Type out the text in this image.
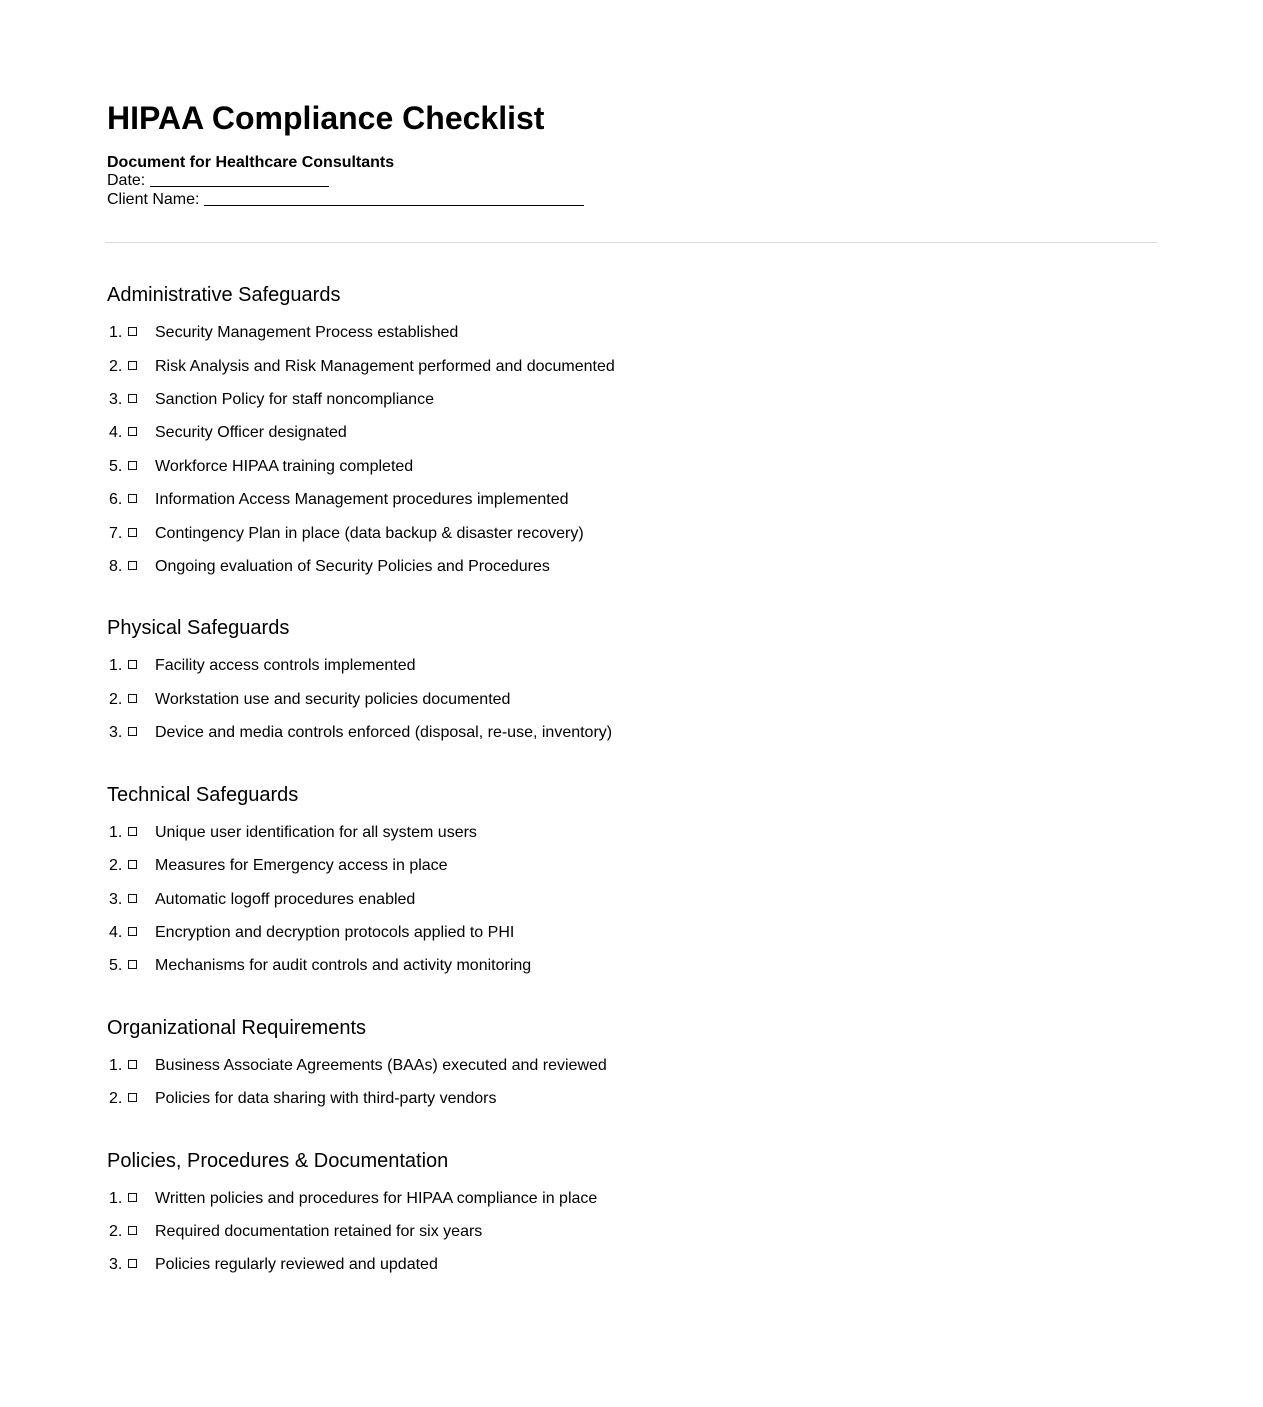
HIPAA Compliance Checklist
Document for Healthcare Consultants
Date:
Client Name:
Administrative Safeguards
1. Security Management Process established
2. Risk Analysis and Risk Management performed and documented
3. Sanction Policy for staff noncompliance
4. Security Officer designated
5. Workforce HIPAA training completed
6. Information Access Management procedures implemented
7. Contingency Plan in place (data backup & disaster recovery)
8. Ongoing evaluation of Security Policies and Procedures
Physical Safeguards
1. Facility access controls implemented
2. Workstation use and security policies documented
3. Device and media controls enforced (disposal, re-use, inventory)
Technical Safeguards
1. Unique user identification for all system users
2. Measures for Emergency access in place
3. Automatic logoff procedures enabled
4. Encryption and decryption protocols applied to PHI
5. Mechanisms for audit controls and activity monitoring
Organizational Requirements
1. Business Associate Agreements (BAAs) executed and reviewed
2. Policies for data sharing with third-party vendors
Policies, Procedures & Documentation
1. Written policies and procedures for HIPAA compliance in place
2. Required documentation retained for six years
3. Policies regularly reviewed and updated
